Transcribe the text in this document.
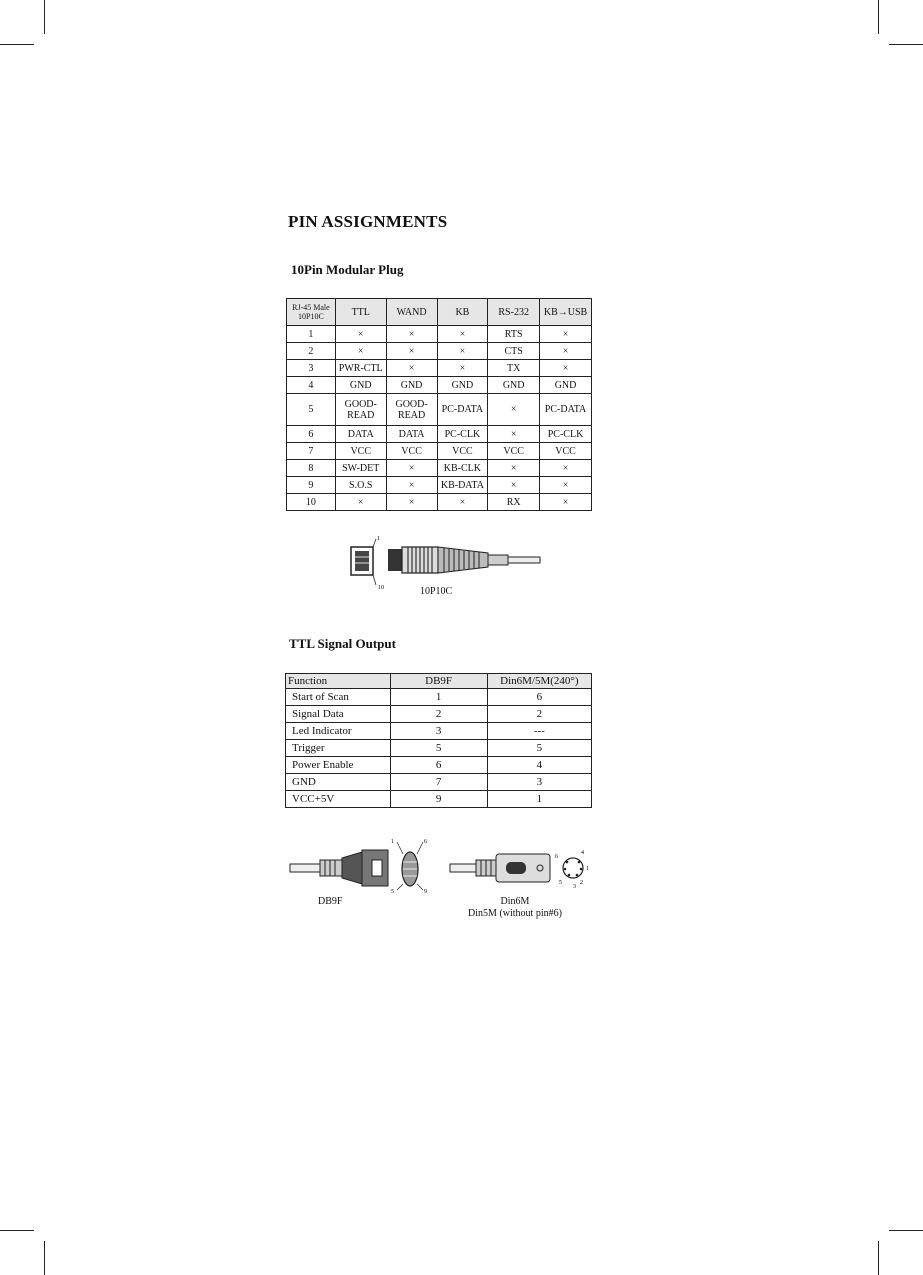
PIN ASSIGNMENTS
10Pin Modular Plug
RJ-45 Male 10P10C	TTL	WAND	KB	RS-232	KB→USB
1	×	×	×	RTS	×
2	×	×	×	CTS	×
3	PWR-CTL	×	×	TX	×
4	GND	GND	GND	GND	GND
5	GOOD-READ	GOOD-READ	PC-DATA	×	PC-DATA
6	DATA	DATA	PC-CLK	×	PC-CLK
7	VCC	VCC	VCC	VCC	VCC
8	SW-DET	×	KB-CLK	×	×
9	S.O.S	×	KB-DATA	×	×
10	×	×	×	RX	×
1
10	10P10C
TTL Signal Output
Function	DB9F	Din6M/5M(240°)
Start of Scan	1	6
Signal Data	2	2
Led Indicator	3	---
Trigger	5	5
Power Enable	6	4
GND	7	3
VCC+5V	9	1
1	6
5	9
DB9F
6
4
1
2
5
3
Din6M
Din5M (without pin#6)
